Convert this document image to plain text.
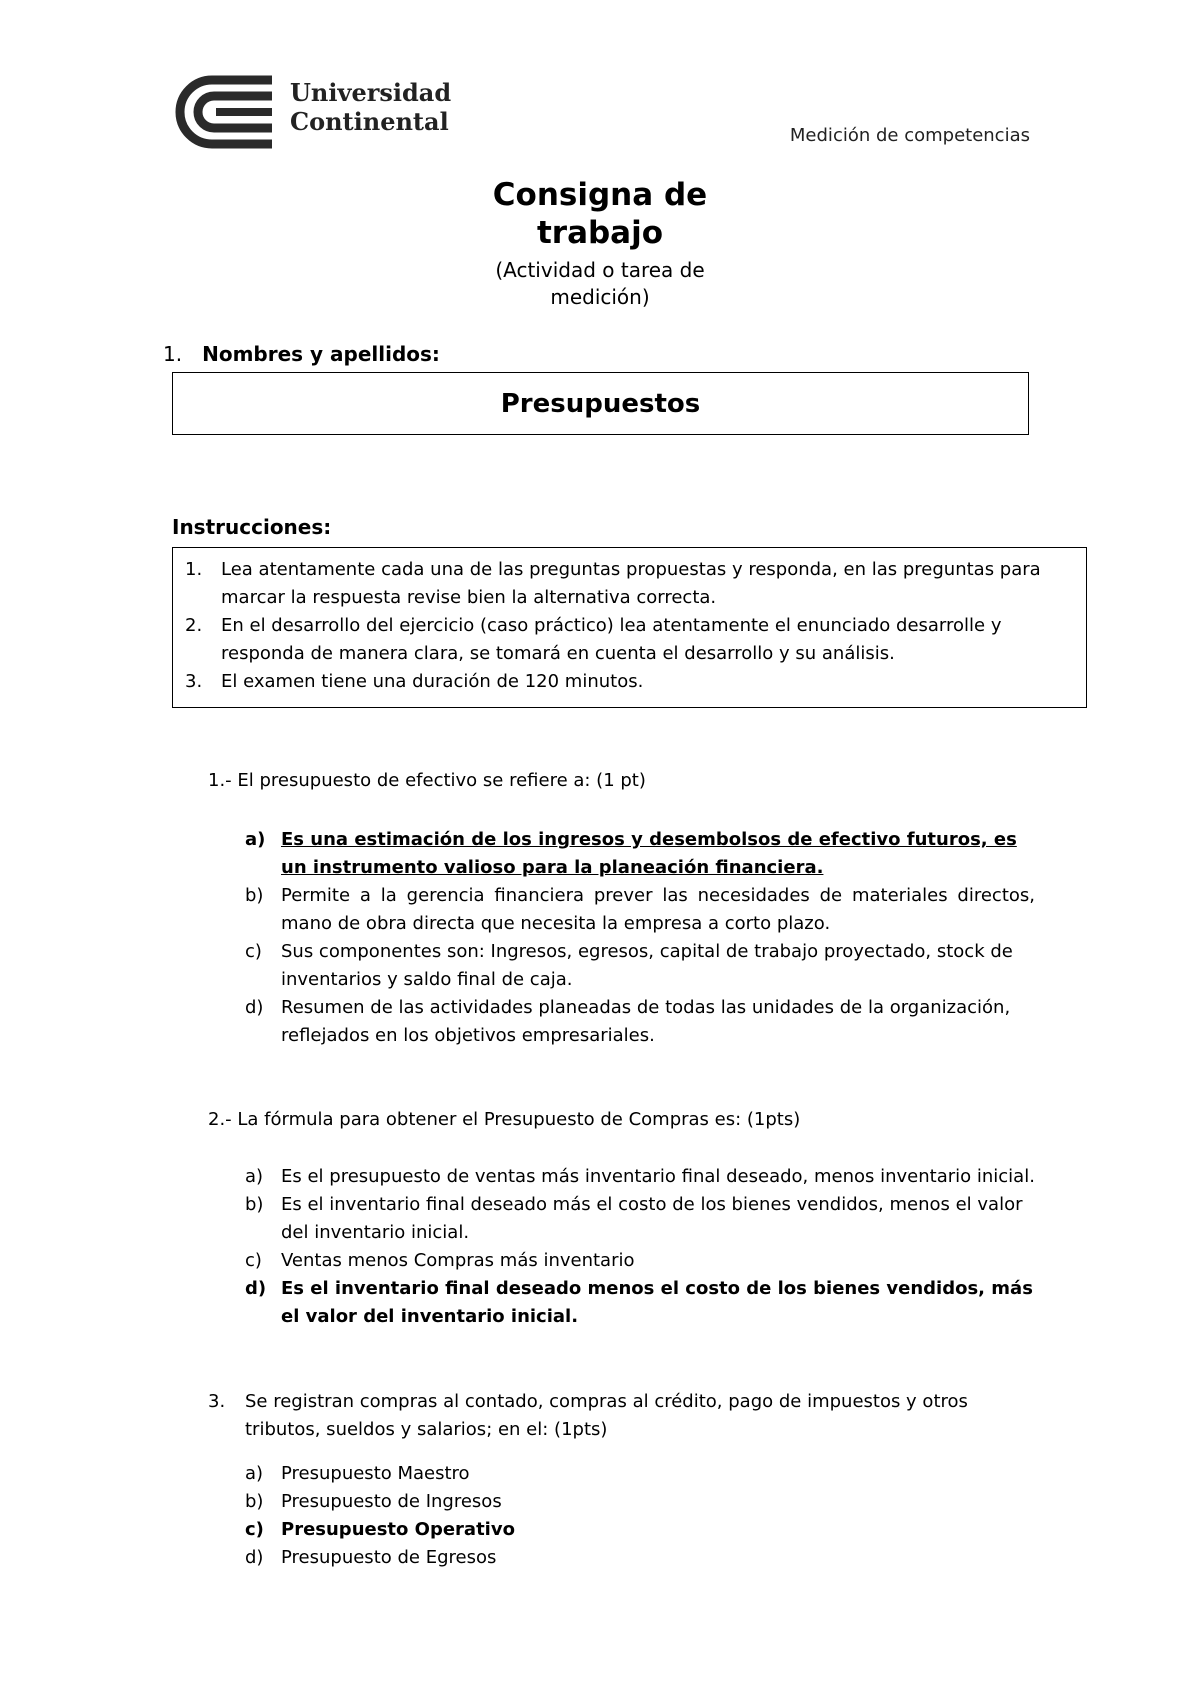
Universidad
Continental	Medición de competencias
Consigna de
trabajo
(Actividad o tarea de medición)
1. Nombres y apellidos:
Presupuestos
Instrucciones:
1.	Lea atentamente cada una de las preguntas propuestas y responda, en las preguntas para marcar la respuesta revise bien la alternativa correcta.
2.	En el desarrollo del ejercicio (caso práctico) lea atentamente el enunciado desarrolle y responda de manera clara, se tomará en cuenta el desarrollo y su análisis.
3.	El examen tiene una duración de 120 minutos.
1.- El presupuesto de efectivo se refiere a: (1 pt)
a) Es una estimación de los ingresos y desembolsos de efectivo futuros, es un instrumento valioso para la planeación financiera.
b) Permite a la gerencia financiera prever las necesidades de materiales directos, mano de obra directa que necesita la empresa a corto plazo.
c)	Sus componentes son: Ingresos, egresos, capital de trabajo proyectado, stock de inventarios y saldo final de caja.
d) Resumen de las actividades planeadas de todas las unidades de la organización, reflejados en los objetivos empresariales.
2.- La fórmula para obtener el Presupuesto de Compras es: (1pts)
a) Es el presupuesto de ventas más inventario final deseado, menos inventario inicial.
b) Es el inventario final deseado más el costo de los bienes vendidos, menos el valor del inventario inicial.
c)	Ventas menos Compras más inventario
d) Es el inventario final deseado menos el costo de los bienes vendidos, más el valor del inventario inicial.
3.	Se registran compras al contado, compras al crédito, pago de impuestos y otros tributos, sueldos y salarios; en el: (1pts)
a) Presupuesto Maestro
b) Presupuesto de Ingresos
c) Presupuesto Operativo
d) Presupuesto de Egresos
